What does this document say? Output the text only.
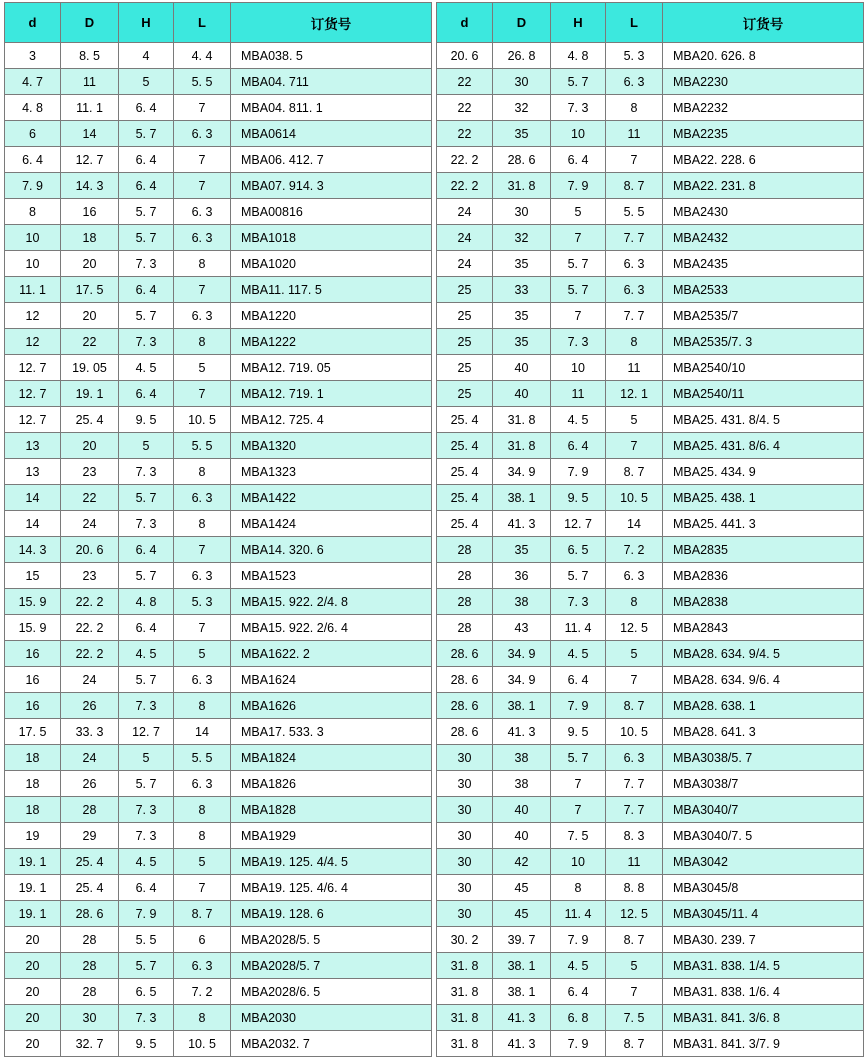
d	D	H	L	订货号
3	8. 5	4	4. 4	MBA038. 5
4. 7	11	5	5. 5	MBA04. 711
4. 8	11. 1	6. 4	7	MBA04. 811. 1
6	14	5. 7	6. 3	MBA0614
6. 4	12. 7	6. 4	7	MBA06. 412. 7
7. 9	14. 3	6. 4	7	MBA07. 914. 3
8	16	5. 7	6. 3	MBA00816
10	18	5. 7	6. 3	MBA1018
10	20	7. 3	8	MBA1020
11. 1	17. 5	6. 4	7	MBA11. 117. 5
12	20	5. 7	6. 3	MBA1220
12	22	7. 3	8	MBA1222
12. 7	19. 05	4. 5	5	MBA12. 719. 05
12. 7	19. 1	6. 4	7	MBA12. 719. 1
12. 7	25. 4	9. 5	10. 5	MBA12. 725. 4
13	20	5	5. 5	MBA1320
13	23	7. 3	8	MBA1323
14	22	5. 7	6. 3	MBA1422
14	24	7. 3	8	MBA1424
14. 3	20. 6	6. 4	7	MBA14. 320. 6
15	23	5. 7	6. 3	MBA1523
15. 9	22. 2	4. 8	5. 3	MBA15. 922. 2/4. 8
15. 9	22. 2	6. 4	7	MBA15. 922. 2/6. 4
16	22. 2	4. 5	5	MBA1622. 2
16	24	5. 7	6. 3	MBA1624
16	26	7. 3	8	MBA1626
17. 5	33. 3	12. 7	14	MBA17. 533. 3
18	24	5	5. 5	MBA1824
18	26	5. 7	6. 3	MBA1826
18	28	7. 3	8	MBA1828
19	29	7. 3	8	MBA1929
19. 1	25. 4	4. 5	5	MBA19. 125. 4/4. 5
19. 1	25. 4	6. 4	7	MBA19. 125. 4/6. 4
19. 1	28. 6	7. 9	8. 7	MBA19. 128. 6
20	28	5. 5	6	MBA2028/5. 5
20	28	5. 7	6. 3	MBA2028/5. 7
20	28	6. 5	7. 2	MBA2028/6. 5
20	30	7. 3	8	MBA2030
20	32. 7	9. 5	10. 5	MBA2032. 7
d	D	H	L	订货号
20. 6	26. 8	4. 8	5. 3	MBA20. 626. 8
22	30	5. 7	6. 3	MBA2230
22	32	7. 3	8	MBA2232
22	35	10	11	MBA2235
22. 2	28. 6	6. 4	7	MBA22. 228. 6
22. 2	31. 8	7. 9	8. 7	MBA22. 231. 8
24	30	5	5. 5	MBA2430
24	32	7	7. 7	MBA2432
24	35	5. 7	6. 3	MBA2435
25	33	5. 7	6. 3	MBA2533
25	35	7	7. 7	MBA2535/7
25	35	7. 3	8	MBA2535/7. 3
25	40	10	11	MBA2540/10
25	40	11	12. 1	MBA2540/11
25. 4	31. 8	4. 5	5	MBA25. 431. 8/4. 5
25. 4	31. 8	6. 4	7	MBA25. 431. 8/6. 4
25. 4	34. 9	7. 9	8. 7	MBA25. 434. 9
25. 4	38. 1	9. 5	10. 5	MBA25. 438. 1
25. 4	41. 3	12. 7	14	MBA25. 441. 3
28	35	6. 5	7. 2	MBA2835
28	36	5. 7	6. 3	MBA2836
28	38	7. 3	8	MBA2838
28	43	11. 4	12. 5	MBA2843
28. 6	34. 9	4. 5	5	MBA28. 634. 9/4. 5
28. 6	34. 9	6. 4	7	MBA28. 634. 9/6. 4
28. 6	38. 1	7. 9	8. 7	MBA28. 638. 1
28. 6	41. 3	9. 5	10. 5	MBA28. 641. 3
30	38	5. 7	6. 3	MBA3038/5. 7
30	38	7	7. 7	MBA3038/7
30	40	7	7. 7	MBA3040/7
30	40	7. 5	8. 3	MBA3040/7. 5
30	42	10	11	MBA3042
30	45	8	8. 8	MBA3045/8
30	45	11. 4	12. 5	MBA3045/11. 4
30. 2	39. 7	7. 9	8. 7	MBA30. 239. 7
31. 8	38. 1	4. 5	5	MBA31. 838. 1/4. 5
31. 8	38. 1	6. 4	7	MBA31. 838. 1/6. 4
31. 8	41. 3	6. 8	7. 5	MBA31. 841. 3/6. 8
31. 8	41. 3	7. 9	8. 7	MBA31. 841. 3/7. 9
